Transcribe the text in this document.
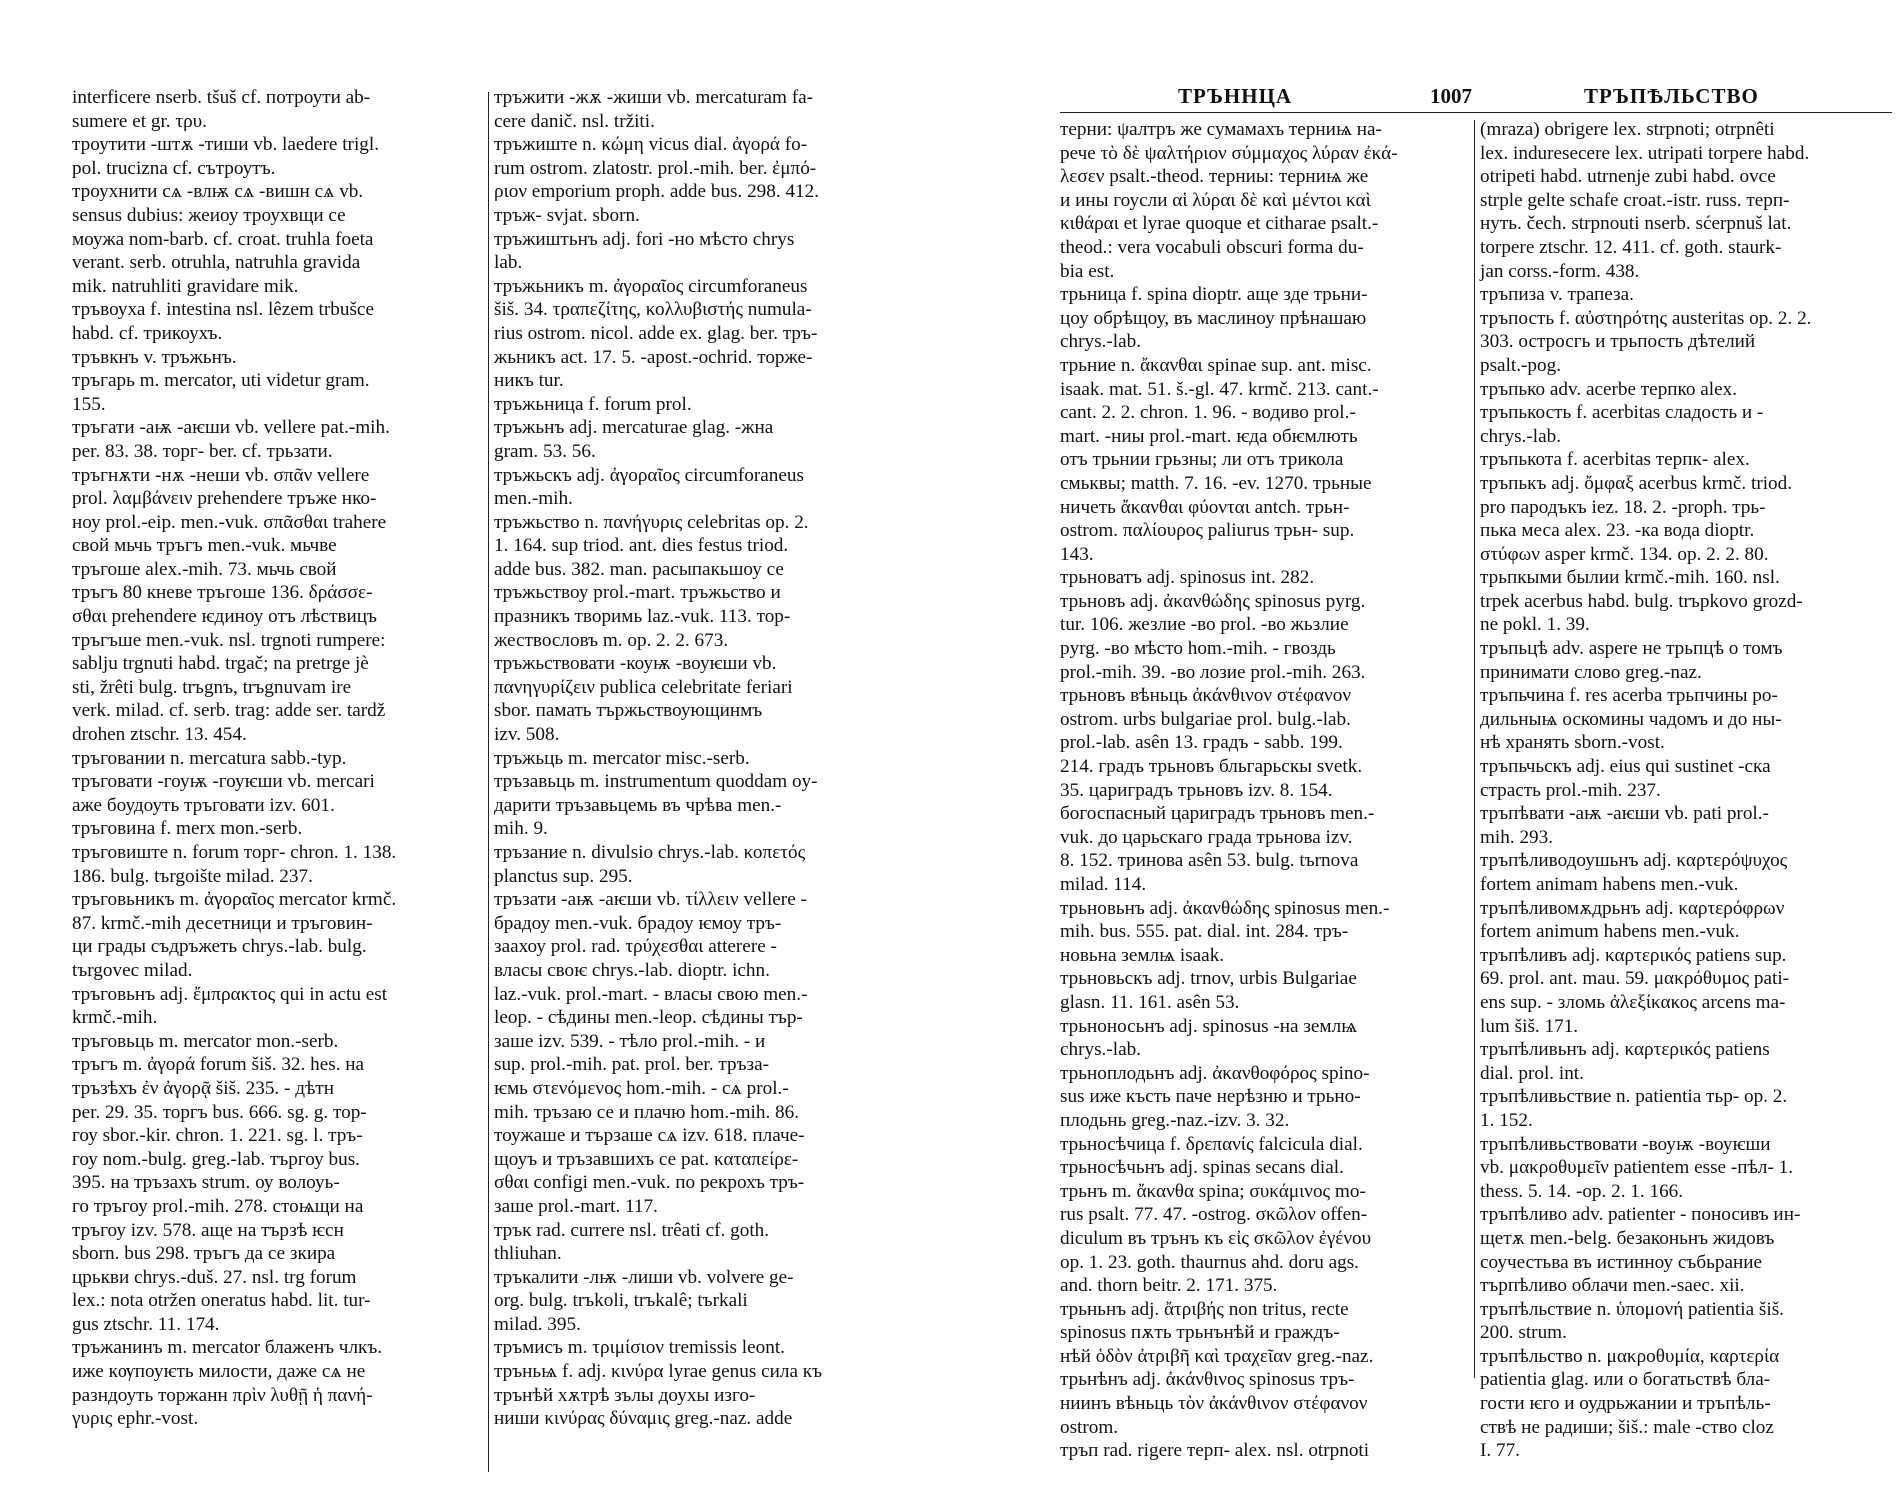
interficere nserb. tšuš cf. потроути ab-

sumere et gr. τρυ.

троутити -штѫ -тиши vb. laedere trigl.

pol. trucizna cf. сътроутъ.

троухнити сѧ -влѭ сѧ -вишн сѧ vb.

sensus dubius: жеиоу троухвщи се

моужа nom-barb. cf. croat. truhla foeta

verant. serb. otruhla, natruhla gravida

mik. natruhliti gravidare mik.

тръвоуха f. intestina nsl. lêzem trbušce

habd. cf. трикоухъ.

тръвкнъ v. тръжьнъ.

тръгарь m. mercator, uti videtur gram.

155.

тръгати -аѭ -аѥши vb. vellere pat.-mih.

per. 83. 38. торг- ber. cf. трьзати.

тръгнѫти -нѫ -неши vb. σπᾶν vellere

prol. λαμβάνειν prehendere тръже нко-

ноу prol.-eip. men.-vuk. σπᾶσθαι trahere

свой мьчь тръгъ men.-vuk. мьчве

тръгоше alex.-mih. 73. мьчь свой

тръгъ 80 кневе тръгоше 136. δράσσε-

σθαι prehendere ѥдиноу отъ лѣствицъ

тръгъше men.-vuk. nsl. trgnoti rumpere:

sablju trgnuti habd. trgač; na pretrge jè

sti, žrêti bulg. trъgnъ, trъgnuvam ire

verk. milad. cf. serb. trag: adde ser. tardž

drohen ztschr. 13. 454.

тръговании n. mercatura sabb.-typ.

тръговати -гоуѭ -гоуѥши vb. mercari

аже боудоуть тръговати izv. 601.

тръговина f. merx mon.-serb.

тръговиште n. forum торг- chron. 1. 138.

186. bulg. tъrgoište milad. 237.

тръговьникъ m. ἀγοραῖος mercator krmč.

87. krmč.-mih десетници и тръговин-

ци грады съдръжеть chrys.-lab. bulg.

tъrgovec milad.

тръговьнъ adj. ἔμπρακτος qui in actu est

krmč.-mih.

тръговьць m. mercator mon.-serb.

тръгъ m. ἀγορά forum šiš. 32. hes. на

тръзѣхъ ἐν ἀγορᾷ šiš. 235. - дѣтн

per. 29. 35. торгъ bus. 666. sg. g. тор-

гоу sbor.-kir. chron. 1. 221. sg. l. тръ-

гоу nom.-bulg. greg.-lab. търгоу bus.

395. на тръзахъ strum. оу волоуь-

го тръгоу prol.-mih. 278. стоѩщи на

тръгоу izv. 578. аще на тързѣ ѥсн

sborn. bus 298. тръгъ да се зкира

црькви chrys.-duš. 27. nsl. trg forum

lex.: nota otržen oneratus habd. lit. tur-

gus ztschr. 11. 174.

тръжанинъ m. mercator блаженъ члкъ.

иже кѹпоуѥть милости, даже сѧ не

разндоуть торжанн πρὶν λυθῇ ἡ πανή-

γυρις ephr.-vost.

тръжити -жѫ -жиши vb. mercaturam fa-

cere danič. nsl. tržiti.

тръжиште n. κώμη vicus dial. ἀγορά fo-

rum ostrom. zlatostr. prol.-mih. ber. ἐμπό-

ριον emporium proph. adde bus. 298. 412.

тръж- svjat. sborn.

тръжиштьнъ adj. fori -но мѣсто chrys

lab.

тръжьникъ m. ἀγοραῖος circumforaneus

šiš. 34. τραπεζίτης, κολλυβιστής numula-

rius ostrom. nicol. adde ex. glag. ber. тръ-

жьникъ act. 17. 5. -apost.-ochrid. торже-

никъ tur.

тръжьница f. forum prol.

тръжьнъ adj. mercaturae glag. -жна

gram. 53. 56.

тръжьскъ adj. ἀγοραῖος circumforaneus

men.-mih.

тръжьство n. πανήγυρις celebritas op. 2.

1. 164. sup triod. ant. dies festus triod.

adde bus. 382. man. расыпакьшоу се

тръжьствоу prol.-mart. тръжьство и

празникъ творимь laz.-vuk. 113. тор-

жествословъ m. op. 2. 2. 673.

тръжьствовати -коуѭ -воуѥши vb.

πανηγυρίζειν publica celebritate feriari

sbor. памать тържьствоующинмъ

izv. 508.

тръжьць m. mercator misc.-serb.

тръзавьць m. instrumentum quoddam oy-

дарити тръзавьцемь въ чрѣва men.-

mih. 9.

тръзание n. divulsio chrys.-lab. κοπετός

planctus sup. 295.

тръзати -аѭ -аѥши vb. τίλλειν vellere -

брадоу men.-vuk. брадоу ѥмоу тръ-

заахоу prol. rad. τρύχεσθαι atterere -

власы своѥ chrys.-lab. dioptr. ichn.

laz.-vuk. prol.-mart. - власы свою men.-

leop. - сѣдины men.-leop. сѣдины тър-

заше izv. 539. - тѣло prol.-mih. - и

sup. prol.-mih. pat. prol. ber. тръза-

ѥмь στενόμενος hom.-mih. - сѧ prol.-

mih. тръзаю се и плачю hom.-mih. 86.

тоужаше и тързаше сѧ izv. 618. плаче-

щоуъ и тръзавшихъ се pat. καταπείρε-

σθαι configi men.-vuk. по рекрохъ тръ-

заше prol.-mart. 117.

трък rad. currere nsl. trêati cf. goth.

thliuhan.

тръкалити -лѭ -лиши vb. volvere ge-

org. bulg. trъkoli, trъkalê; tъrkali

milad. 395.

тръмисъ m. τριμίσιον tremissis leont.

тръньѩ f. adj. κινύρα lyrae genus сила къ

трънѣй хѫтрѣ зълы доухы изго-

ниши κινύρας δύναμις greg.-naz. adde

ТРЪННЦА	1007	ТРЪПѢЛЬСТВО

терни: ψалтръ же сумамахъ терниѩ на-

рече τὸ δὲ ψαλτήριον σύμμαχος λύραν ἐκά-

λεσεν psalt.-theod. терниы: терниѩ же

и ины гоусли αἱ λύραι δὲ καὶ μέντοι καὶ

κιθάραι et lyrae quoque et citharae psalt.-

theod.: vera vocabuli obscuri forma du-

bia est.

трьница f. spina dioptr. аще зде трьни-

цоу обрѣщоу, въ маслиноу прѣнашаю

chrys.-lab.

трьние n. ἄκανθαι spinae sup. ant. misc.

isaak. mat. 51. š.-gl. 47. krmč. 213. cant.-

cant. 2. 2. chron. 1. 96. - водиво prol.-

mart. -ниы prol.-mart. ѥда обѥмлють

отъ трьнии грьзны; ли отъ трикола

смьквы; matth. 7. 16. -ev. 1270. трьные

ничеть ἄκανθαι φύονται antch. трьн-

ostrom. παλίουρος paliurus трьн- sup.

143.

трьноватъ adj. spinosus int. 282.

трьновъ adj. ἀκανθώδης spinosus pyrg.

tur. 106. жезлие -во prol. -во жьзлие

pyrg. -во мѣсто hom.-mih. - гвоздь

prol.-mih. 39. -во лозие prol.-mih. 263.

трьновъ вѣньць ἀκάνθινον στέφανον

ostrom. urbs bulgariae prol. bulg.-lab.

prol.-lab. asên 13. градъ - sabb. 199.

214. градъ трьновъ бльгарьскы svetk.

35. цариградъ трьновъ izv. 8. 154.

богоспасный цариградъ трьновъ men.-

vuk. до царьскаго града трьнова izv.

8. 152. тринова asên 53. bulg. tъrnova

milad. 114.

трьновьнъ adj. ἀκανθώδης spinosus men.-

mih. bus. 555. pat. dial. int. 284. тръ-

новьна землѩ isaak.

трьновьскъ adj. trnov, urbis Bulgariae

glasn. 11. 161. asên 53.

трьноносьнъ adj. spinosus -на землѩ

chrys.-lab.

трьноплодьнъ adj. ἀκανθοφόρος spino-

sus иже късть паче нерѣзню и трьно-

плодьнь greg.-naz.-izv. 3. 32.

трьносѣчица f. δρεπανίς falcicula dial.

трьносѣчьнъ adj. spinas secans dial.

трьнъ m. ἄκανθα spina; συκάμινος mo-

rus psalt. 77. 47. -ostrog. σκῶλον offen-

diculum въ трънъ къ εἰς σκῶλον ἐγένου

op. 1. 23. goth. thaurnus ahd. doru ags.

and. thorn beitr. 2. 171. 375.

трьньнъ adj. ἄτριβής non tritus, recte

spinosus пѫть трьнънѣй и граждъ-

нѣй ὁδὸν ἀτριβῆ καὶ τραχεῖαν greg.-naz.

трьнѣнъ adj. ἀκάνθινος spinosus тръ-

ниинъ вѣньць τὸν ἀκάνθινον στέφανον

ostrom.

тръп rad. rigere терп- alex. nsl. otrpnoti

(mraza) obrigere lex. strpnoti; otrpnêti

lex. induresecere lex. utripati torpere habd.

otripeti habd. utrnenje zubi habd. ovce

strple gelte schafe croat.-istr. russ. терп-

нуть. čech. strpnouti nserb. sćerpnuš lat.

torpere ztschr. 12. 411. cf. goth. staurk-

jan corss.-form. 438.

тръпиза v. трапеза.

тръпость f. αὐστηρότης austeritas op. 2. 2.

303. остросгь и трьпость дѣтелий

psalt.-pog.

тръпько adv. acerbe терпко alex.

тръпькость f. acerbitas сладость и -

chrys.-lab.

тръпькота f. acerbitas терпк- alex.

тръпькъ adj. ὄμφαξ acerbus krmč. triod.

pro пародъкъ iez. 18. 2. -proph. трь-

пька меса alex. 23. -ка вода dioptr.

στύφων asper krmč. 134. op. 2. 2. 80.

трьпкыми былии krmč.-mih. 160. nsl.

trpek acerbus habd. bulg. trъpkovo grozd-

ne pokl. 1. 39.

тръпьцѣ adv. aspere не трьпцѣ о томъ

принимати слово greg.-naz.

тръпьчина f. res acerba трьпчины ро-

дильныѩ оскомины чадомъ и до ны-

нѣ хранять sborn.-vost.

тръпьчьскъ adj. eius qui sustinet -ска

страсть prol.-mih. 237.

тръпѣвати -аѭ -аѥши vb. pati prol.-

mih. 293.

тръпѣливодоушьнъ adj. καρτερόψυχος

fortem animam habens men.-vuk.

тръпѣливомѫдрьнъ adj. καρτερόφρων

fortem animum habens men.-vuk.

тръпѣливъ adj. καρτερικός patiens sup.

69. prol. ant. mau. 59. μακρόθυμος pati-

ens sup. - зломь ἀλεξίκακος arcens ma-

lum šiš. 171.

тръпѣливьнъ adj. καρτερικός patiens

dial. prol. int.

тръпѣливьствие n. patientia тьр- op. 2.

1. 152.

тръпѣливьствовати -воуѭ -воуѥши

vb. μακροθυμεῖν patientem esse -пѣл- 1.

thess. 5. 14. -op. 2. 1. 166.

тръпѣливо adv. patienter - поносивъ ин-

щетѫ men.-belg. безаконьнъ жидовъ

соучестьва въ истинноу събьрание

търпѣливо облачи men.-saec. xii.

тръпѣльствие n. ὑπομονή patientia šiš.

200. strum.

тръпѣльство n. μακροθυμία, καρτερία

patientia glag. или о богатьствѣ бла-

гости ѥго и оудрьжании и тръпѣль-

ствѣ не радиши; šiš.: male -ство cloz

I. 77.
